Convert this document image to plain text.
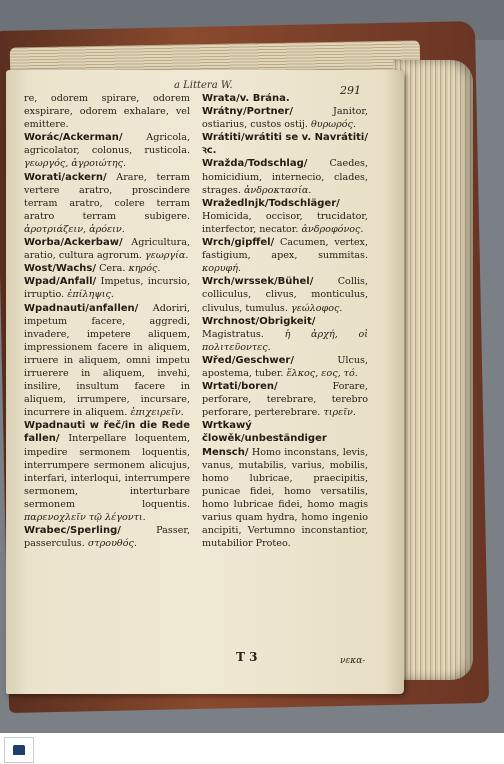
a Littera W.	291

re, odorem spirare, odorem exspirare, odorem exhalare, vel emittere.

Worác/Ackerman/ Agricola, agricolator, colonus, rusticola. γεωργός, ἀγροιώτης.

Worati/ackern/ Arare, terram vertere aratro, proscindere terram aratro, colere terram aratro terram subigere. ἀροτριάζειν, ἀρόειν.

Worba/Ackerbaw/ Agricultura, aratio, cultura agrorum. γεωργία.

Wost/Wachs/ Cera. κηρός.

Wpad/Anfall/ Impetus, incursio, irruptio. ἐπίληψις.

Wpadnauti/anfallen/ Adoriri, impetum facere, aggredi, invadere, impetere aliquem, impressionem facere in aliquem, irruere in aliquem, omni impetu irruerere in aliquem, invehi, insilire, insultum facere in aliquem, irrumpere, incursare, incurrere in aliquem. ἐπιχειρεῖν.

Wpadnauti w řeč/in die Rede fallen/ Interpellare loquentem, impedire sermonem loquentis, interrumpere sermonem alicujus, interfari, interloqui, interrumpere sermonem, interturbare sermonem loquentis. παρενοχλεῖν τῷ λέγοντι.

Wrabec/Sperling/	Passer, passerculus. στρουθός.

Wrata/v. Brána.

Wrátny/Portner/	Janitor, ostiarius, custos ostij. θυρωρός.

Wrátiti/wrátiti se v. Navrátiti/ꝛc.

Wražda/Todschlag/ Caedes, homicidium, internecio, clades, strages. ἀνδροκτασία.

Wražedlnjk/Todschläger/ Homicida, occisor, trucidator, interfector, necator. ἀνδροφόνος.

Wrch/gipffel/ Cacumen, vertex, fastigium, apex, summitas. κορυφή.

Wrch/wrssek/Bühel/	Collis, colliculus, clivus, monticulus, clivulus, tumulus. γεώλοφος.

Wrchnost/Obrigkeit/ Magistratus. ἡ ἀρχή, οἱ πολιτεῦοντες.

Wřed/Geschwer/	Ulcus, apostema, tuber. ἕλκος, εος, τό.

Wrtati/boren/	Forare, perforare, terebrare, terebro perforare, perterebrare. τιρεῖν.

Wrtkawý člowěk/unbeständiger Mensch/ Homo inconstans, levis, vanus, mutabilis, varius, mobilis, homo lubricae, praecipitis, punicae fidei, homo versatilis, homo lubricae fidei, homo magis varius quam hydra, homo ingenio ancipiti, Vertumno inconstantior, mutabilior Proteo.

T 3	νεκα-
